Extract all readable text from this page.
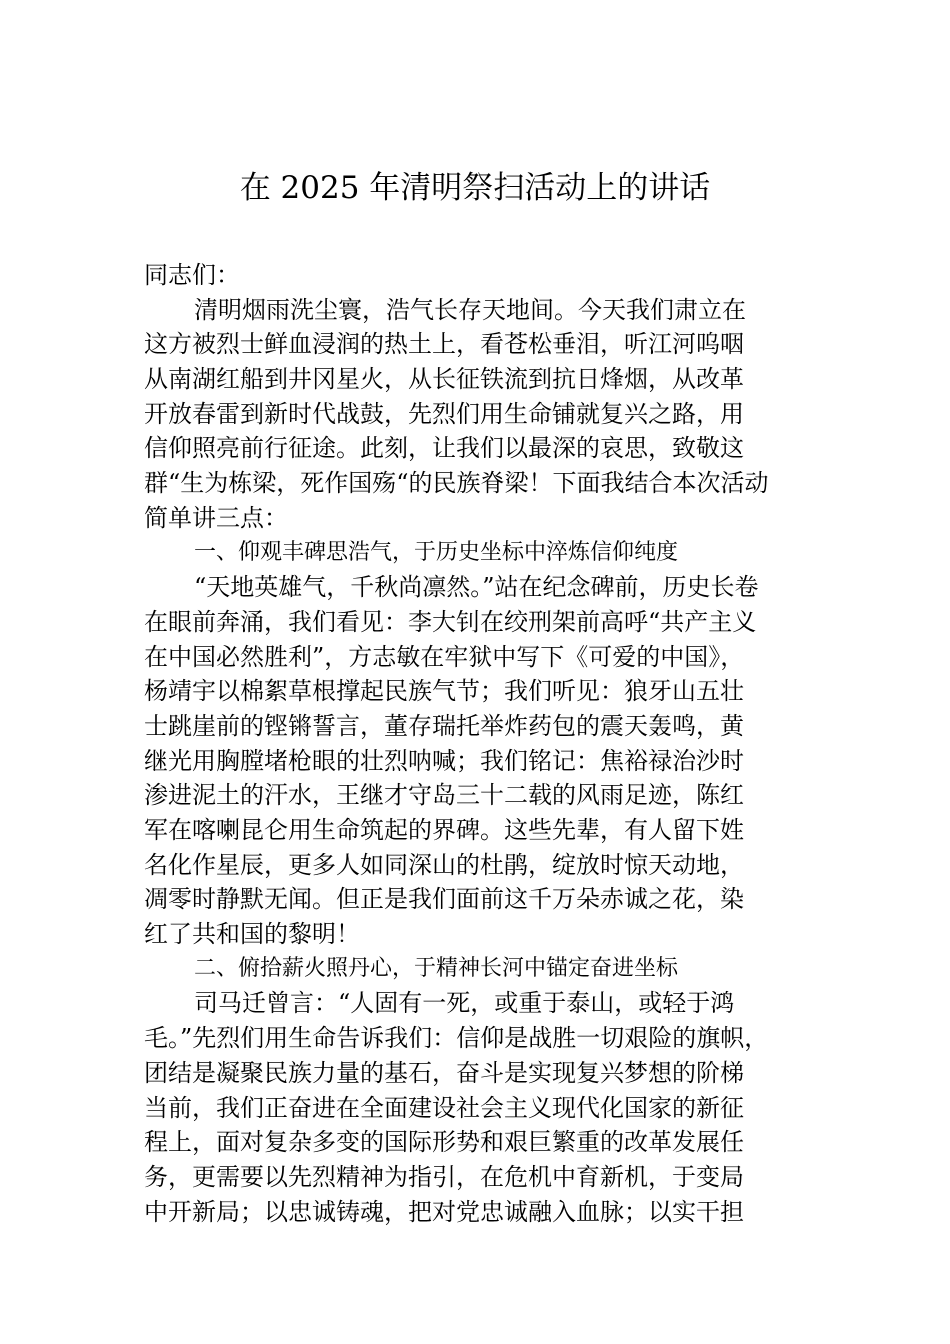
在 2025 年清明祭扫活动上的讲话
同志们：
清明烟雨洗尘寰，浩气长存天地间。今天我们肃立在
这方被烈士鲜血浸润的热土上，看苍松垂泪，听江河呜咽
从南湖红船到井冈星火，从长征铁流到抗日烽烟，从改革
开放春雷到新时代战鼓，先烈们用生命铺就复兴之路，用
信仰照亮前行征途。此刻，让我们以最深的哀思，致敬这
群“生为栋梁，死作国殇“的民族脊梁！下面我结合本次活动
简单讲三点：
一、仰观丰碑思浩气，于历史坐标中淬炼信仰纯度
“天地英雄气，千秋尚凛然。”站在纪念碑前，历史长卷
在眼前奔涌，我们看见：李大钊在绞刑架前高呼“共产主义
在中国必然胜利”，方志敏在牢狱中写下《可爱的中国》，
杨靖宇以棉絮草根撑起民族气节；我们听见：狼牙山五壮
士跳崖前的铿锵誓言，董存瑞托举炸药包的震天轰鸣，黄
继光用胸膛堵枪眼的壮烈呐喊；我们铭记：焦裕禄治沙时
渗进泥土的汗水，王继才守岛三十二载的风雨足迹，陈红
军在喀喇昆仑用生命筑起的界碑。这些先辈，有人留下姓
名化作星辰，更多人如同深山的杜鹃，绽放时惊天动地，
凋零时静默无闻。但正是我们面前这千万朵赤诚之花，染
红了共和国的黎明！
二、俯拾薪火照丹心，于精神长河中锚定奋进坐标
司马迁曾言：“人固有一死，或重于泰山，或轻于鸿
毛。”先烈们用生命告诉我们：信仰是战胜一切艰险的旗帜，
团结是凝聚民族力量的基石，奋斗是实现复兴梦想的阶梯
当前，我们正奋进在全面建设社会主义现代化国家的新征
程上，面对复杂多变的国际形势和艰巨繁重的改革发展任
务，更需要以先烈精神为指引，在危机中育新机，于变局
中开新局；以忠诚铸魂，把对党忠诚融入血脉；以实干担
